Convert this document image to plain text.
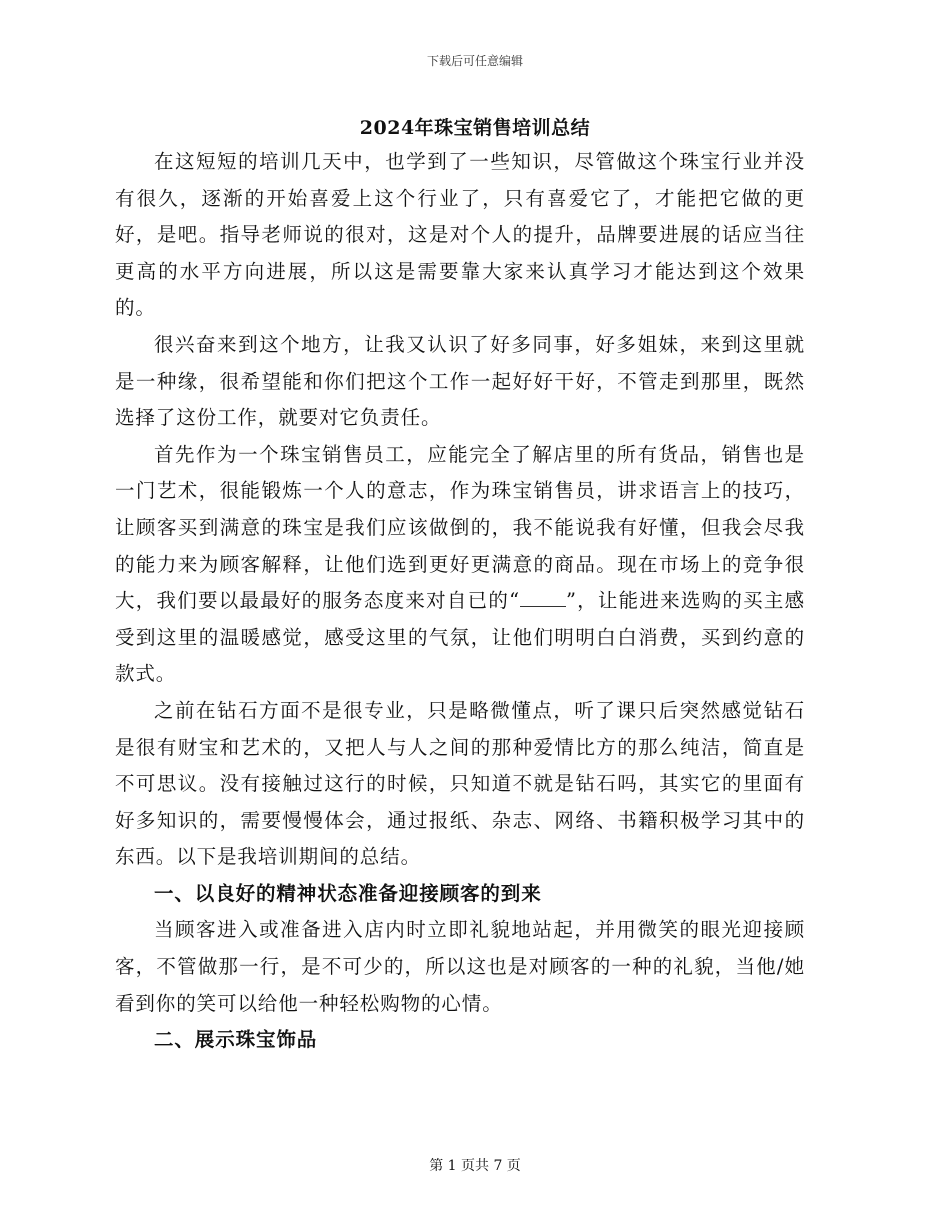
下载后可任意编辑
2024年珠宝销售培训总结

在这短短的培训几天中，也学到了一些知识，尽管做这个珠宝行业并没有很久，逐渐的开始喜爱上这个行业了，只有喜爱它了，才能把它做的更好，是吧。指导老师说的很对，这是对个人的提升，品牌要进展的话应当往更高的水平方向进展，所以这是需要靠大家来认真学习才能达到这个效果的。

很兴奋来到这个地方，让我又认识了好多同事，好多姐妹，来到这里就是一种缘，很希望能和你们把这个工作一起好好干好，不管走到那里，既然选择了这份工作，就要对它负责任。

首先作为一个珠宝销售员工，应能完全了解店里的所有货品，销售也是一门艺术，很能锻炼一个人的意志，作为珠宝销售员，讲求语言上的技巧，让顾客买到满意的珠宝是我们应该做倒的，我不能说我有好懂，但我会尽我的能力来为顾客解释，让他们选到更好更满意的商品。现在市场上的竞争很大，我们要以最最好的服务态度来对自已的“ ”，让能进来选购的买主感受到这里的温暖感觉，感受这里的气氛，让他们明明白白消费，买到约意的款式。

之前在钻石方面不是很专业，只是略微懂点，听了课只后突然感觉钻石是很有财宝和艺术的，又把人与人之间的那种爱情比方的那么纯洁，简直是不可思议。没有接触过这行的时候，只知道不就是钻石吗，其实它的里面有好多知识的，需要慢慢体会，通过报纸、杂志、网络、书籍积极学习其中的东西。以下是我培训期间的总结。

一、以良好的精神状态准备迎接顾客的到来

当顾客进入或准备进入店内时立即礼貌地站起，并用微笑的眼光迎接顾客，不管做那一行，是不可少的，所以这也是对顾客的一种的礼貌，当他/她看到你的笑可以给他一种轻松购物的心情。

二、展示珠宝饰品
第 1 页共 7 页
